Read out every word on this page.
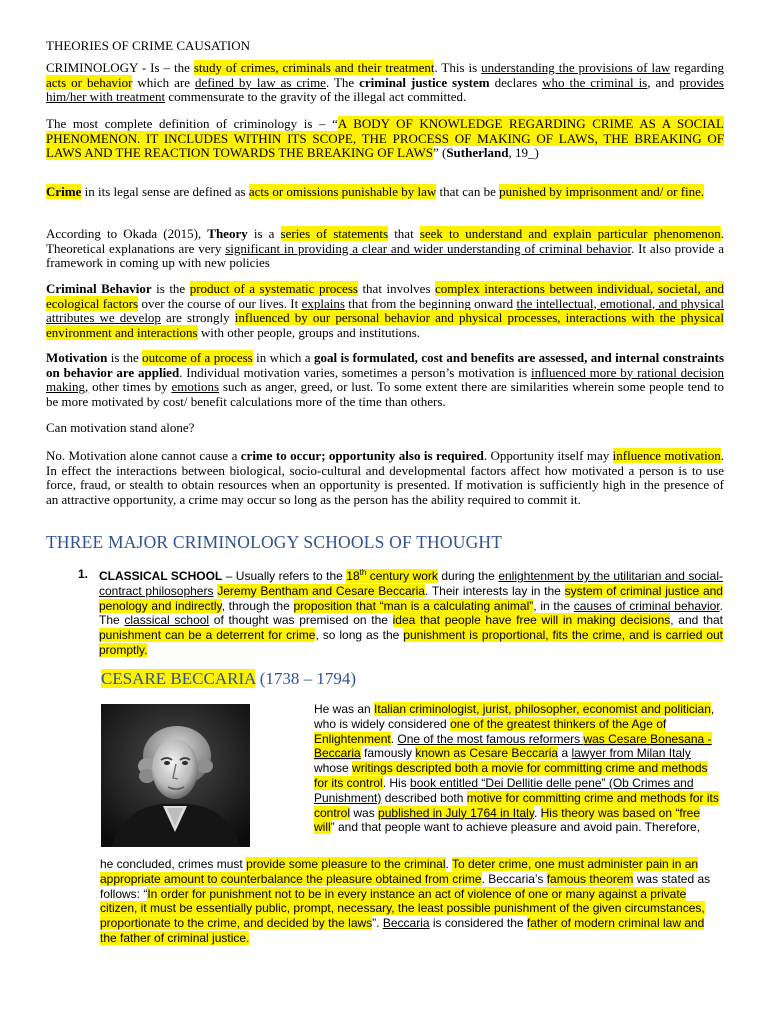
THEORIES OF CRIME CAUSATION

CRIMINOLOGY - Is – the study of crimes, criminals and their treatment. This is understanding the provisions of law regarding acts or behavior which are defined by law as crime. The criminal justice system declares who the criminal is, and provides him/her with treatment commensurate to the gravity of the illegal act committed.

The most complete definition of criminology is – “A BODY OF KNOWLEDGE REGARDING CRIME AS A SOCIAL PHENOMENON. IT INCLUDES WITHIN ITS SCOPE, THE PROCESS OF MAKING OF LAWS, THE BREAKING OF LAWS AND THE REACTION TOWARDS THE BREAKING OF LAWS” (Sutherland, 19_)

Crime in its legal sense are defined as acts or omissions punishable by law that can be punished by imprisonment and/ or fine.

According to Okada (2015), Theory is a series of statements that seek to understand and explain particular phenomenon. Theoretical explanations are very significant in providing a clear and wider understanding of criminal behavior. It also provide a framework in coming up with new policies

Criminal Behavior is the product of a systematic process that involves complex interactions between individual, societal, and ecological factors over the course of our lives. It explains that from the beginning onward the intellectual, emotional, and physical attributes we develop are strongly influenced by our personal behavior and physical processes, interactions with the physical environment and interactions with other people, groups and institutions.

Motivation is the outcome of a process in which a goal is formulated, cost and benefits are assessed, and internal constraints on behavior are applied. Individual motivation varies, sometimes a person’s motivation is influenced more by rational decision making, other times by emotions such as anger, greed, or lust. To some extent there are similarities wherein some people tend to be more motivated by cost/ benefit calculations more of the time than others.

Can motivation stand alone?

No. Motivation alone cannot cause a crime to occur; opportunity also is required. Opportunity itself may influence motivation. In effect the interactions between biological, socio-cultural and developmental factors affect how motivated a person is to use force, fraud, or stealth to obtain resources when an opportunity is presented. If motivation is sufficiently high in the presence of an attractive opportunity, a crime may occur so long as the person has the ability required to commit it.

THREE MAJOR CRIMINOLOGY SCHOOLS OF THOUGHT
1. CLASSICAL SCHOOL – Usually refers to the 18th century work during the enlightenment by the utilitarian and social-contract philosophers Jeremy Bentham and Cesare Beccaria. Their interests lay in the system of criminal justice and penology and indirectly, through the proposition that “man is a calculating animal”, in the causes of criminal behavior. The classical school of thought was premised on the idea that people have free will in making decisions, and that punishment can be a deterrent for crime, so long as the punishment is proportional, fits the crime, and is carried out promptly.

CESARE BECCARIA (1738 – 1794)

He was an Italian criminologist, jurist, philosopher, economist and politician, who is widely considered one of the greatest thinkers of the Age of Enlightenment. One of the most famous reformers was Cesare Bonesana - Beccaria famously known as Cesare Beccaria a lawyer from Milan Italy whose writings descripted both a movie for committing crime and methods for its control. His book entitled “Dei Dellitie delle pene” (Ob Crimes and Punishment) described both motive for committing crime and methods for its control was published in July 1764 in Italy. His theory was based on “free will” and that people want to achieve pleasure and avoid pain. Therefore,

he concluded, crimes must provide some pleasure to the criminal. To deter crime, one must administer pain in an appropriate amount to counterbalance the pleasure obtained from crime. Beccaria’s famous theorem was stated as follows: “In order for punishment not to be in every instance an act of violence of one or many against a private citizen, it must be essentially public, prompt, necessary, the least possible punishment of the given circumstances, proportionate to the crime, and decided by the laws”. Beccaria is considered the father of modern criminal law and the father of criminal justice.
